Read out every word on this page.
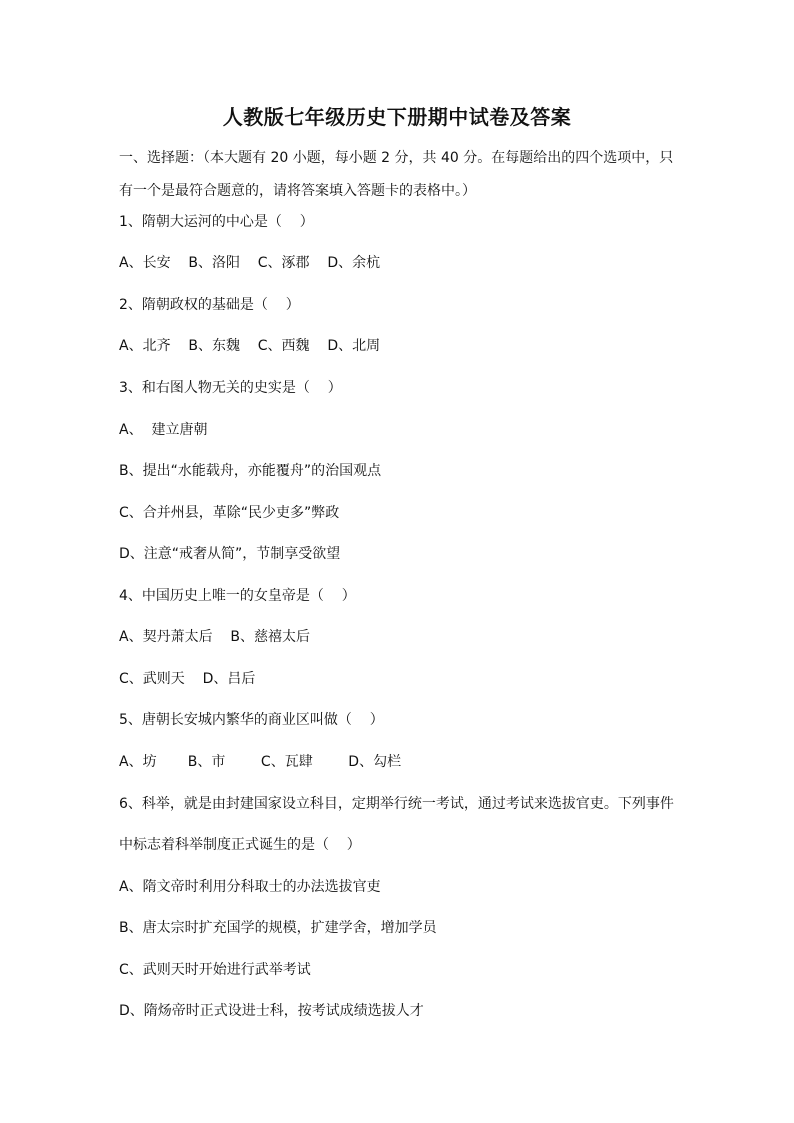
人教版七年级历史下册期中试卷及答案
一、选择题：（本大题有 20 小题，每小题 2 分，共 40 分。在每题给出的四个选项中，只
有一个是最符合题意的，请将答案填入答题卡的表格中。）
1、隋朝大运河的中心是（    ）
A、长安    B、洛阳    C、涿郡    D、余杭
2、隋朝政权的基础是（    ）
A、北齐    B、东魏    C、西魏    D、北周
3、和右图人物无关的史实是（    ）
A、  建立唐朝
B、提出“水能载舟，亦能覆舟”的治国观点
C、合并州县，革除“民少吏多”弊政
D、注意“戒奢从简”，节制享受欲望
4、中国历史上唯一的女皇帝是（    ）
A、契丹萧太后    B、慈禧太后
C、武则天    D、吕后
5、唐朝长安城内繁华的商业区叫做（    ）
A、坊       B、市        C、瓦肆        D、勾栏
6、科举，就是由封建国家设立科目，定期举行统一考试，通过考试来选拔官吏。下列事件
中标志着科举制度正式诞生的是（    ）
A、隋文帝时利用分科取士的办法选拔官吏
B、唐太宗时扩充国学的规模，扩建学舍，增加学员
C、武则天时开始进行武举考试
D、隋炀帝时正式设进士科，按考试成绩选拔人才
